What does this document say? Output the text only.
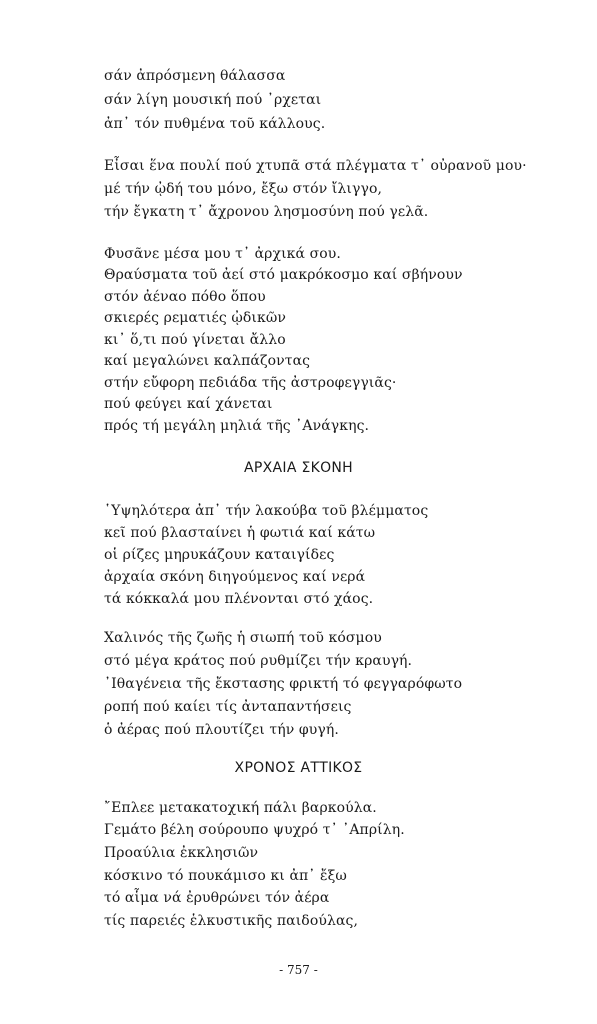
σάν ἀπρόσμενη θάλασσα
σάν λίγη μουσική πού ᾽ρχεται
ἀπ᾽ τόν πυθμένα τοῦ κάλλους.
Εἶσαι ἕνα πουλί πού χτυπᾶ στά πλέγματα τ᾽ οὐρανοῦ μου·
μέ τήν ᾠδή του μόνο, ἔξω στόν ἴλιγγο,
τήν ἔγκατη τ᾽ ἄχρονου λησμοσύνη πού γελᾶ.
Φυσᾶνε μέσα μου τ᾽ ἀρχικά σου.
Θραύσματα τοῦ ἀεί στό μακρόκοσμο καί σβήνουν
στόν ἀέναο πόθο ὅπου
σκιερές ρεματιές ᾠδικῶν
κι᾽ ὅ,τι πού γίνεται ἄλλο
καί μεγαλώνει καλπάζοντας
στήν εὔφορη πεδιάδα τῆς ἀστροφεγγιᾶς·
πού φεύγει καί χάνεται
πρός τή μεγάλη μηλιά τῆς ᾽Ανάγκης.
ΑΡΧΑΙΑ ΣΚΟΝΗ
῾Υψηλότερα ἀπ᾽ τήν λακούβα τοῦ βλέμματος
κεῖ πού βλασταίνει ἡ φωτιά καί κάτω
οἱ ρίζες μηρυκάζουν καταιγίδες
ἀρχαία σκόνη διηγούμενος καί νερά
τά κόκκαλά μου πλένονται στό χάος.
Χαλινός τῆς ζωῆς ἡ σιωπή τοῦ κόσμου
στό μέγα κράτος πού ρυθμίζει τήν κραυγή.
᾽Ιθαγένεια τῆς ἔκστασης φρικτή τό φεγγαρόφωτο
ροπή πού καίει τίς ἀνταπαντήσεις
ὁ ἀέρας πού πλουτίζει τήν φυγή.
ΧΡΟΝΟΣ ΑΤΤΙΚΟΣ
῎Επλεε μετακατοχική πάλι βαρκούλα.
Γεμάτο βέλη σούρουπο ψυχρό τ᾽ ᾽Απρίλη.
Προαύλια ἐκκλησιῶν
κόσκινο τό πουκάμισο κι ἀπ᾽ ἔξω
τό αἷμα νά ἐρυθρώνει τόν ἀέρα
τίς παρειές ἑλκυστικῆς παιδούλας,
- 757 -
